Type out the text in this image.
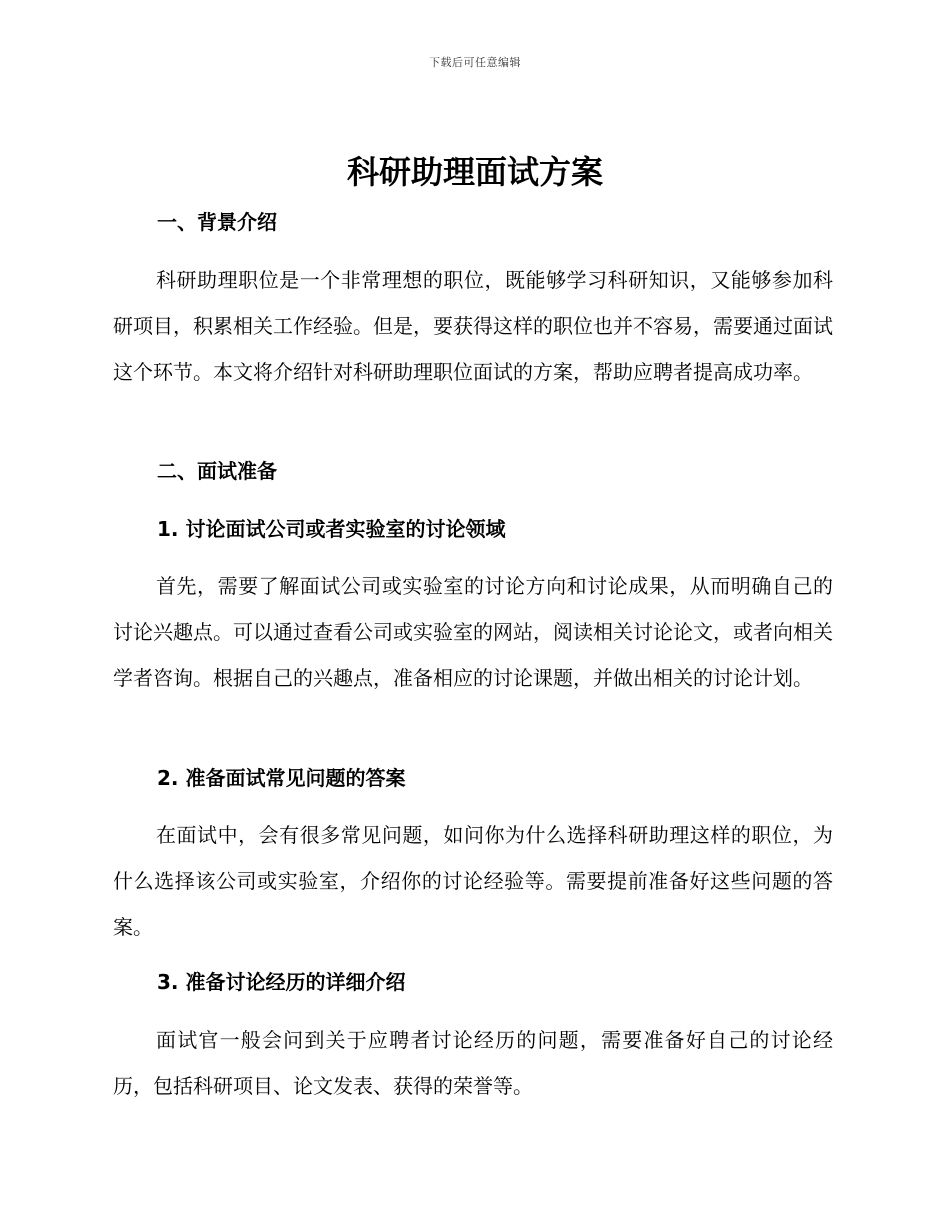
下载后可任意编辑
科研助理面试方案
一、背景介绍

科研助理职位是一个非常理想的职位，既能够学习科研知识，又能够参加科研项目，积累相关工作经验。但是，要获得这样的职位也并不容易，需要通过面试这个环节。本文将介绍针对科研助理职位面试的方案，帮助应聘者提高成功率。

二、面试准备
1. 讨论面试公司或者实验室的讨论领域

首先，需要了解面试公司或实验室的讨论方向和讨论成果，从而明确自己的讨论兴趣点。可以通过查看公司或实验室的网站，阅读相关讨论论文，或者向相关学者咨询。根据自己的兴趣点，准备相应的讨论课题，并做出相关的讨论计划。

2. 准备面试常见问题的答案

在面试中，会有很多常见问题，如问你为什么选择科研助理这样的职位，为什么选择该公司或实验室，介绍你的讨论经验等。需要提前准备好这些问题的答案。

3. 准备讨论经历的详细介绍

面试官一般会问到关于应聘者讨论经历的问题，需要准备好自己的讨论经历，包括科研项目、论文发表、获得的荣誉等。
